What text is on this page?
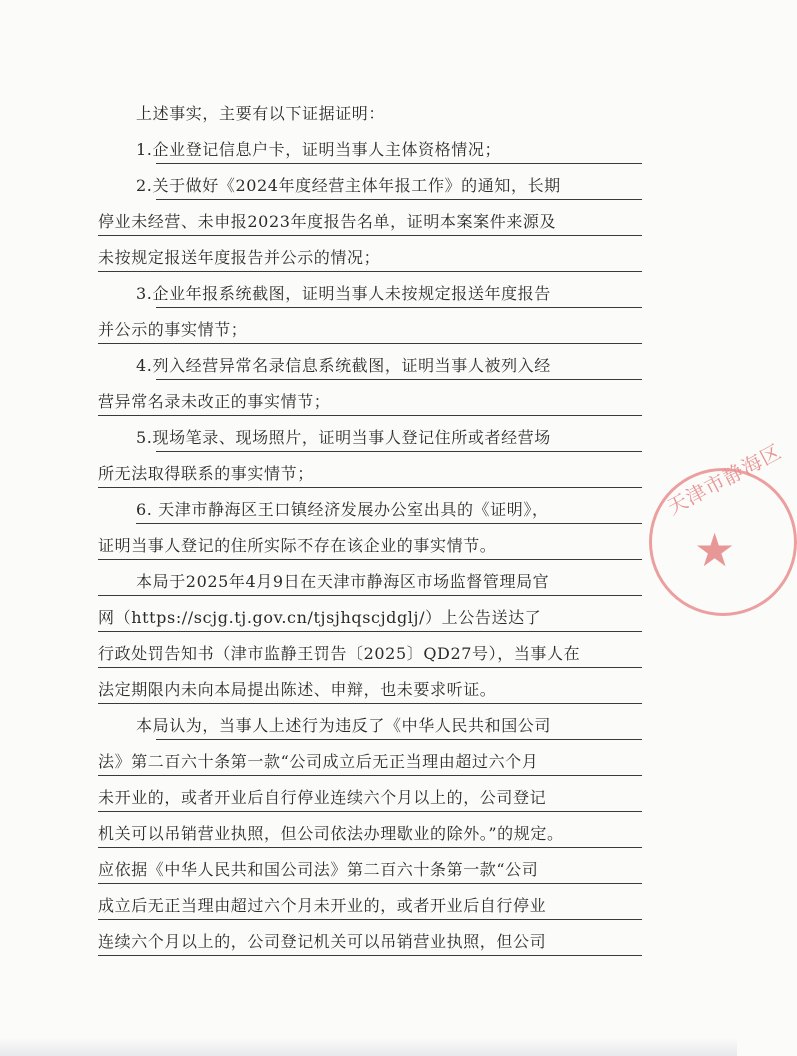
上述事实，主要有以下证据证明：
1.企业登记信息户卡，证明当事人主体资格情况；
2.关于做好《2024年度经营主体年报工作》的通知，长期
停业未经营、未申报2023年度报告名单，证明本案案件来源及
未按规定报送年度报告并公示的情况；
3.企业年报系统截图，证明当事人未按规定报送年度报告
并公示的事实情节；
4.列入经营异常名录信息系统截图，证明当事人被列入经
营异常名录未改正的事实情节；
5.现场笔录、现场照片，证明当事人登记住所或者经营场
所无法取得联系的事实情节；
6. 天津市静海区王口镇经济发展办公室出具的《证明》，
证明当事人登记的住所实际不存在该企业的事实情节。
本局于2025年4月9日在天津市静海区市场监督管理局官
网（https://scjg.tj.gov.cn/tjsjhqscjdglj/）上公告送达了
行政处罚告知书（津市监静王罚告〔2025〕QD27号），当事人在
法定期限内未向本局提出陈述、申辩，也未要求听证。
本局认为，当事人上述行为违反了《中华人民共和国公司
法》第二百六十条第一款“公司成立后无正当理由超过六个月
未开业的，或者开业后自行停业连续六个月以上的，公司登记
机关可以吊销营业执照，但公司依法办理歇业的除外。”的规定。
应依据《中华人民共和国公司法》第二百六十条第一款“公司
成立后无正当理由超过六个月未开业的，或者开业后自行停业
连续六个月以上的，公司登记机关可以吊销营业执照，但公司
天津市静海区
★
